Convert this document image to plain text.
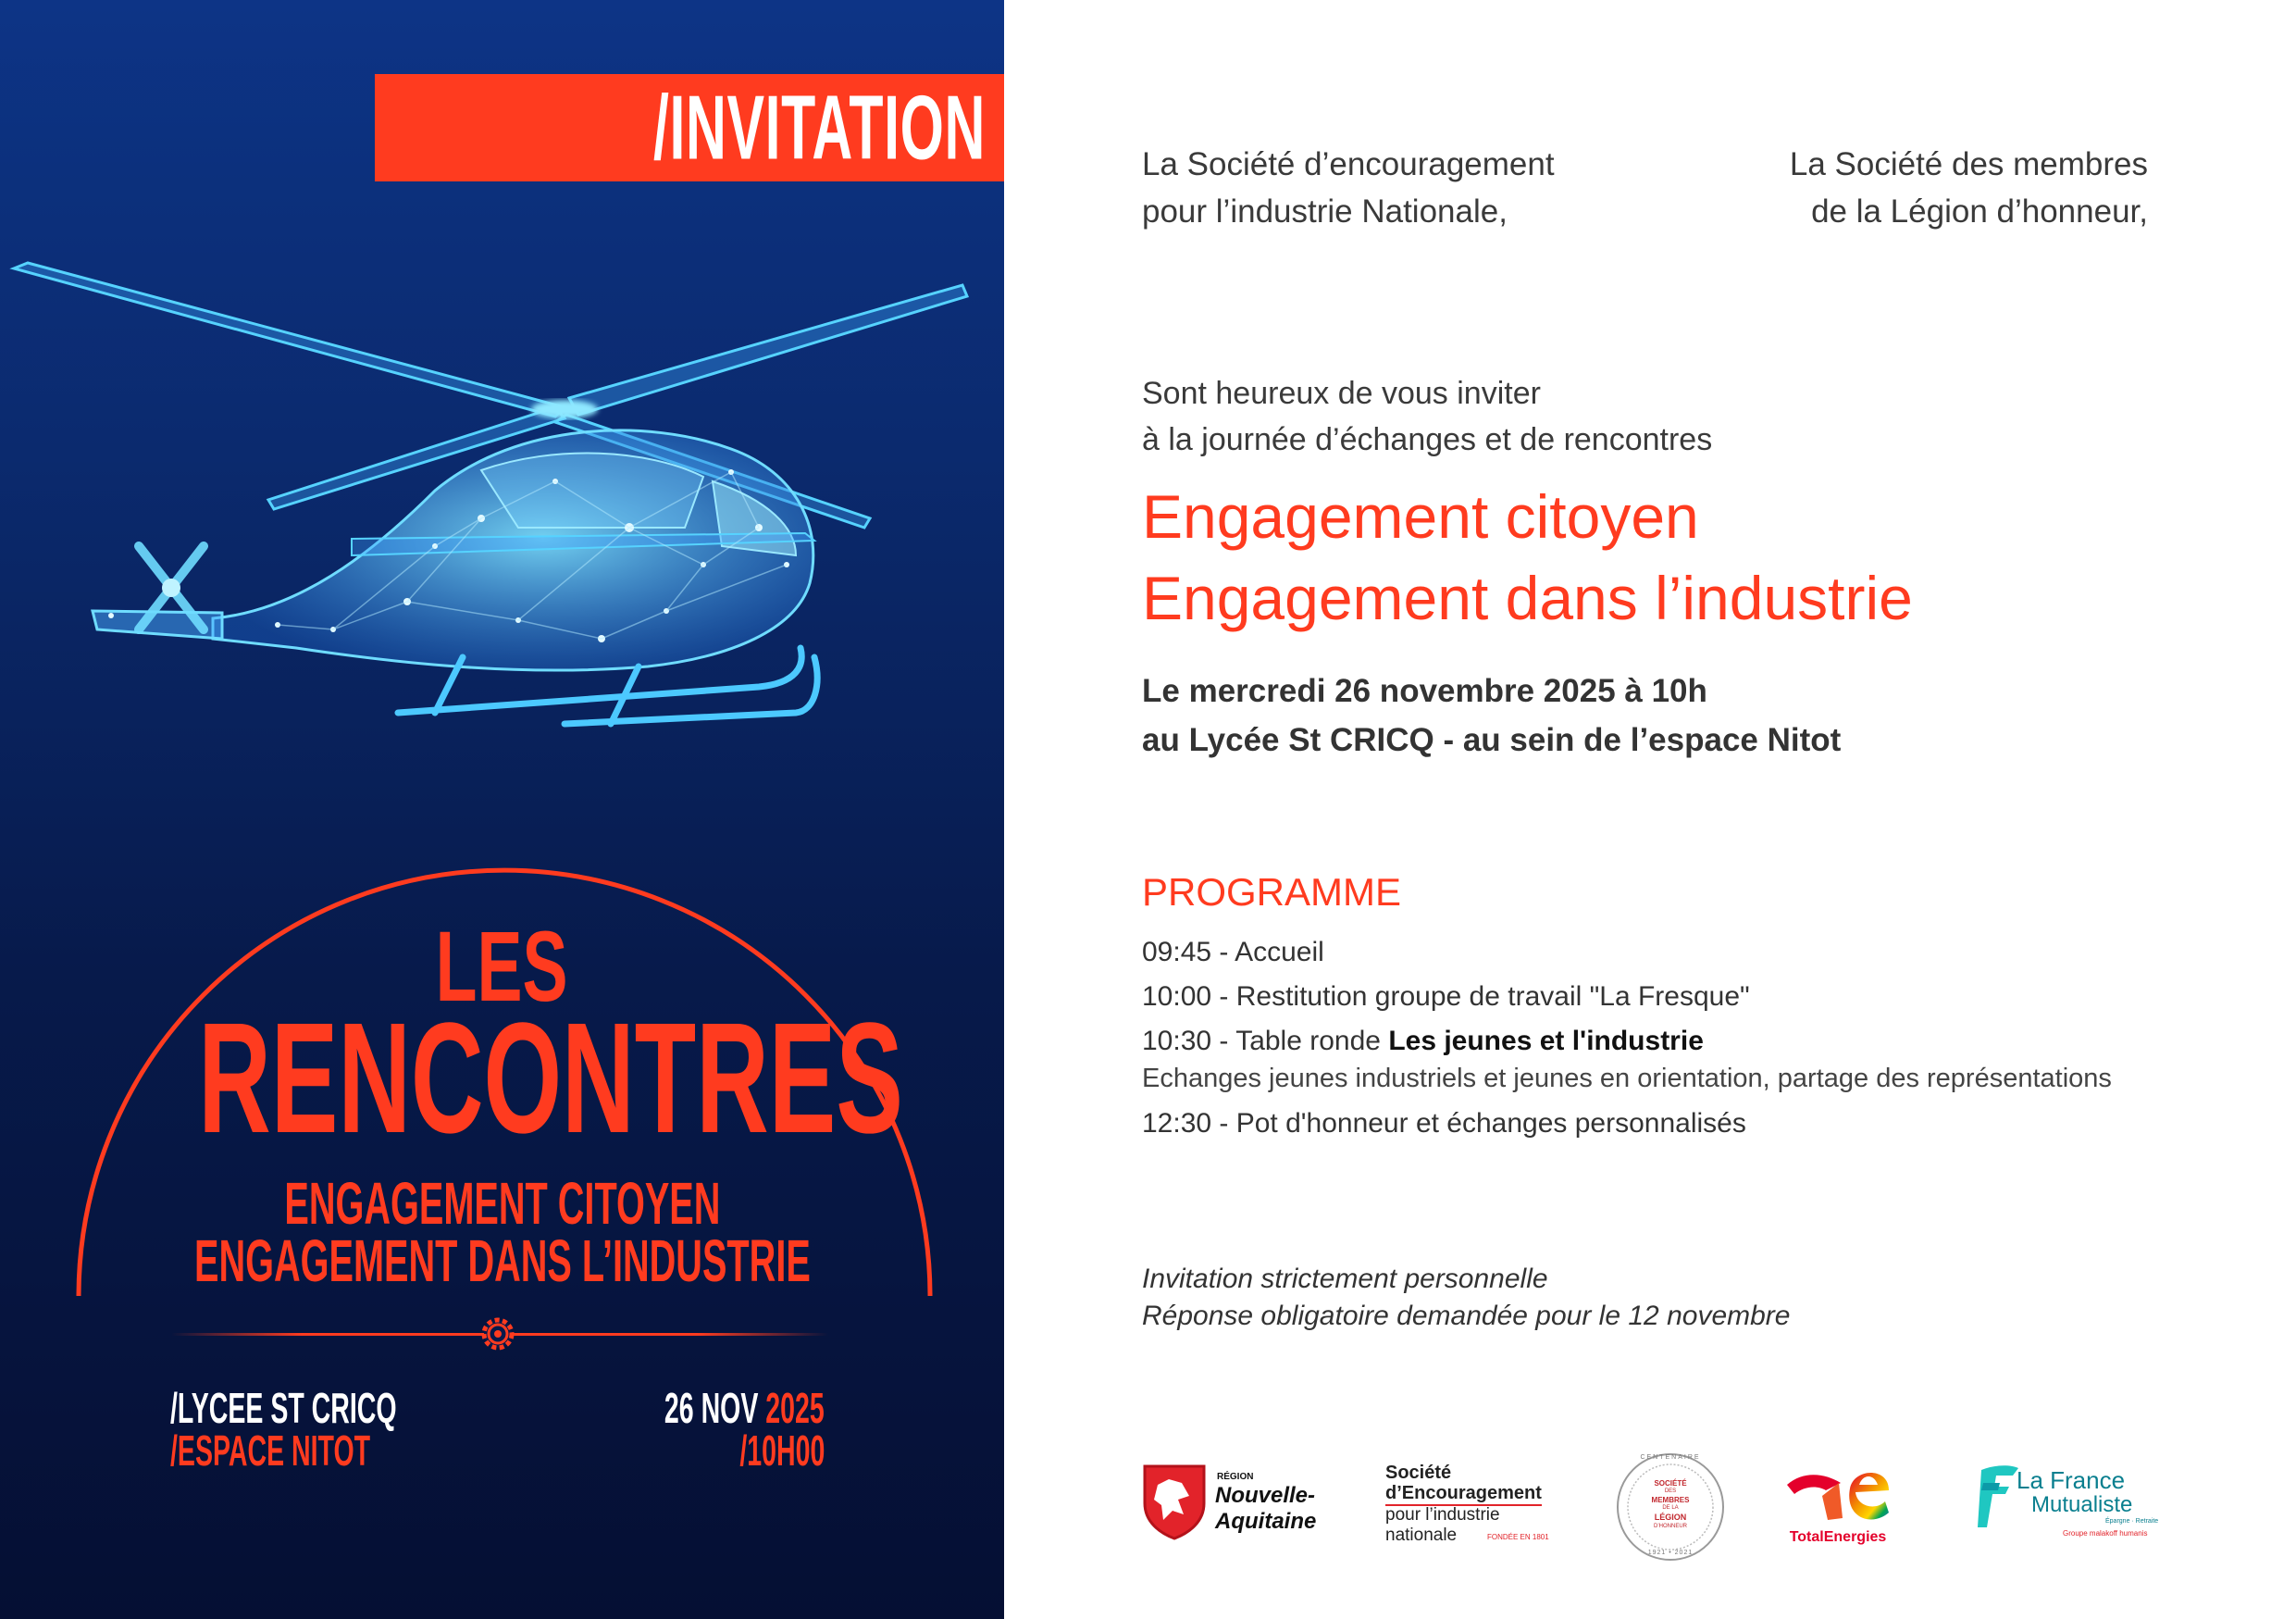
/INVITATION
LES
RENCONTRES
ENGAGEMENT CITOYEN
ENGAGEMENT DANS L’INDUSTRIE
/LYCEE ST CRICQ
/ESPACE NITOT
26 NOV 2025
/10H00
La Société d’encouragement
pour l’industrie Nationale,
La Société des membres
de la Légion d’honneur,
Sont heureux de vous inviter
à la journée d’échanges et de rencontres
Engagement citoyen
Engagement dans l’industrie
Le mercredi 26 novembre 2025 à 10h
au Lycée St CRICQ - au sein de l’espace Nitot
PROGRAMME
09:45 - Accueil
10:00 - Restitution groupe de travail "La Fresque"
10:30 - Table ronde Les jeunes et l'industrie
Echanges jeunes industriels et jeunes en orientation, partage des représentations
12:30 - Pot d'honneur et échanges personnalisés
Invitation strictement personnelle
Réponse obligatoire demandée pour le 12 novembre
RÉGION
Nouvelle-
Aquitaine
Société
d’Encouragement
pour l’industrie
nationale	FONDÉE EN 1801
CENTENAIRE
1921 • 2021
SOCIÉTÉ
DES
MEMBRES
DE LA
LÉGION
D’HONNEUR
TotalEnergies
La France
Mutualiste
Épargne · Retraite
Groupe malakoff humanis
